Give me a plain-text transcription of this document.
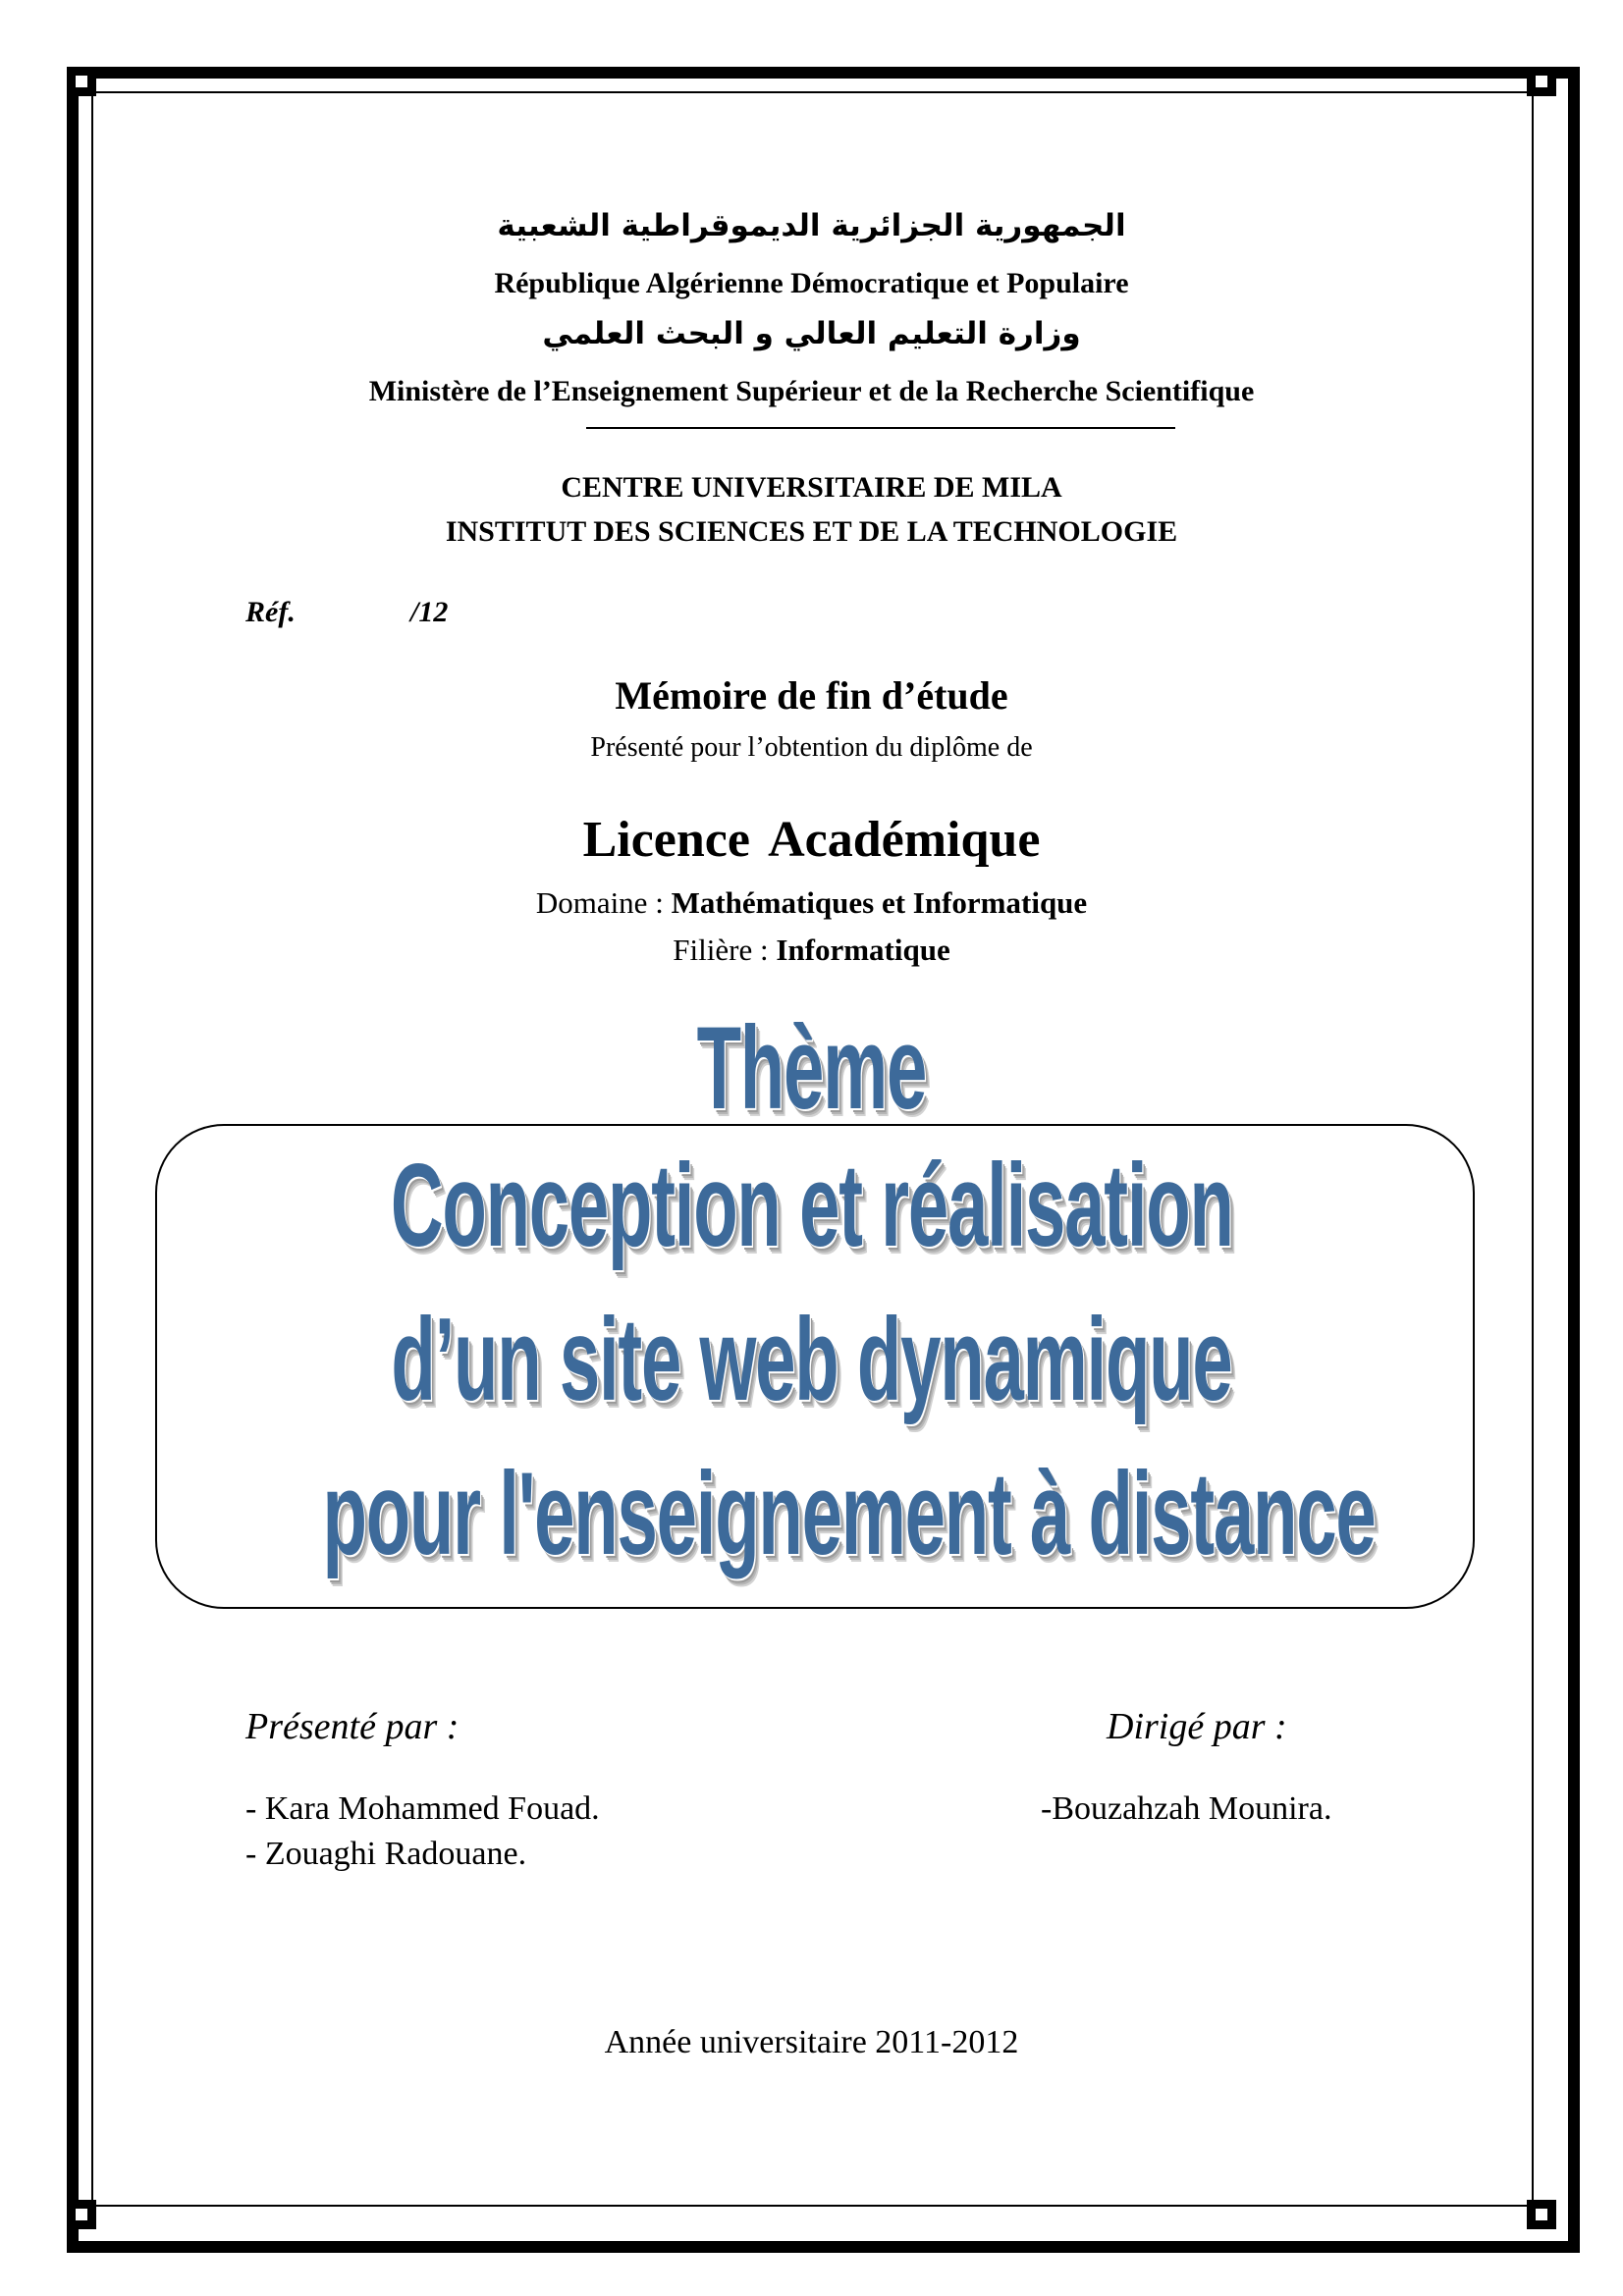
الجمهورية الجزائرية الديموقراطية الشعبية
République Algérienne Démocratique et Populaire
وزارة التعليم العالي و البحث العلمي
Ministère de l’Enseignement Supérieur et de la Recherche Scientifique
CENTRE UNIVERSITAIRE DE MILA
INSTITUT DES SCIENCES ET DE LA TECHNOLOGIE
Réf.	/12
Mémoire de fin d’étude
Présenté pour l’obtention du diplôme de
Licence Académique
Domaine : Mathématiques et Informatique
Filière : Informatique
Thème
Conception et réalisation
d’un site web dynamique
pour l'enseignement à distance
Présenté par :	Dirigé par :
- Kara Mohammed Fouad.
- Zouaghi Radouane.
-Bouzahzah Mounira.
Année universitaire 2011-2012
